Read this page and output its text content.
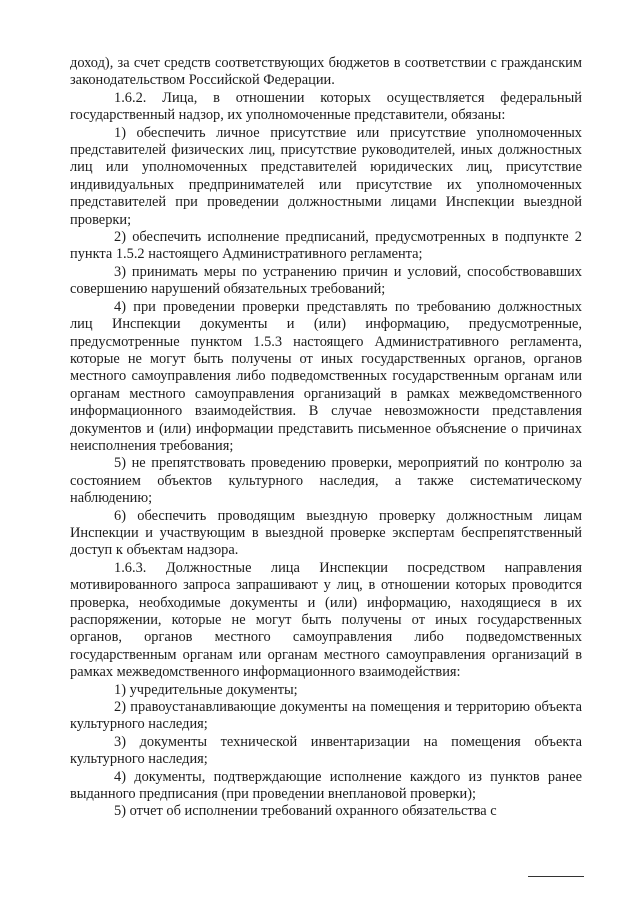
доход), за счет средств соответствующих бюджетов в соответствии с гражданским законодательством Российской Федерации.

1.6.2. Лица, в отношении которых осуществляется федеральный государственный надзор, их уполномоченные представители, обязаны:

1) обеспечить личное присутствие или присутствие уполномоченных представителей физических лиц, присутствие руководителей, иных должностных лиц или уполномоченных представителей юридических лиц, присутствие индивидуальных предпринимателей или присутствие их уполномоченных представителей при проведении должностными лицами Инспекции выездной проверки;

2) обеспечить исполнение предписаний, предусмотренных в подпункте 2 пункта 1.5.2 настоящего Административного регламента;

3) принимать меры по устранению причин и условий, способствовавших совершению нарушений обязательных требований;

4) при проведении проверки представлять по требованию должностных лиц Инспекции документы и (или) информацию, предусмотренные, предусмотренные пунктом 1.5.3 настоящего Административного регламента, которые не могут быть получены от иных государственных органов, органов местного самоуправления либо подведомственных государственным органам или органам местного самоуправления организаций в рамках межведомственного информационного взаимодействия. В случае невозможности представления документов и (или) информации представить письменное объяснение о причинах неисполнения требования;

5) не препятствовать проведению проверки, мероприятий по контролю за состоянием объектов культурного наследия, а также систематическому наблюдению;

6) обеспечить проводящим выездную проверку должностным лицам Инспекции и участвующим в выездной проверке экспертам беспрепятственный доступ к объектам надзора.

1.6.3. Должностные лица Инспекции посредством направления мотивированного запроса запрашивают у лиц, в отношении которых проводится проверка, необходимые документы и (или) информацию, находящиеся в их распоряжении, которые не могут быть получены от иных государственных органов, органов местного самоуправления либо подведомственных государственным органам или органам местного самоуправления организаций в рамках межведомственного информационного взаимодействия:

1) учредительные документы;

2) правоустанавливающие документы на помещения и территорию объекта культурного наследия;

3) документы технической инвентаризации на помещения объекта культурного наследия;

4) документы, подтверждающие исполнение каждого из пунктов ранее выданного предписания (при проведении внеплановой проверки);

5) отчет об исполнении требований охранного обязательства с
